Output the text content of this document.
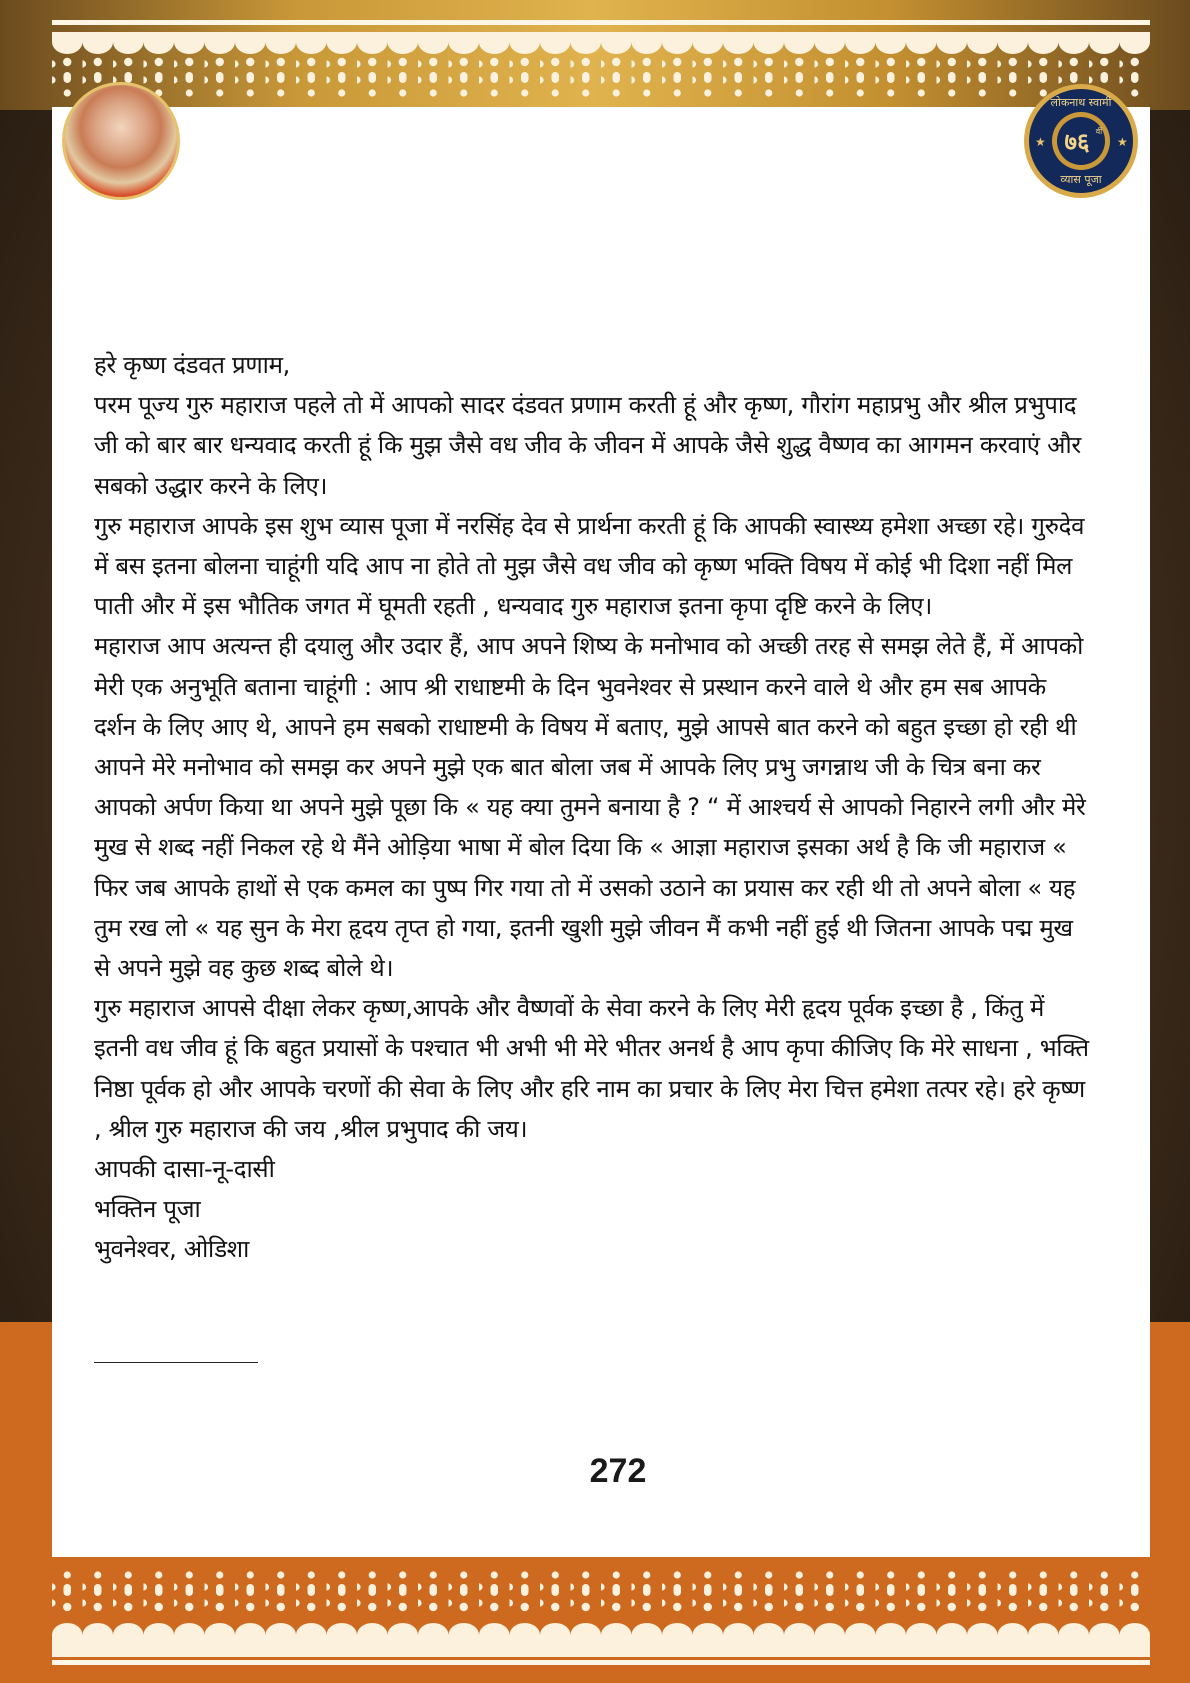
★	★
लोकनाथ स्वामी
७६ वीं
व्यास पूजा

हरे कृष्ण दंडवत प्रणाम,

परम पूज्य गुरु महाराज पहले तो में आपको सादर दंडवत प्रणाम करती हूं और कृष्ण, गौरांग महाप्रभु और श्रील प्रभुपाद जी को बार बार धन्यवाद करती हूं कि मुझ जैसे वध जीव के जीवन में आपके जैसे शुद्ध वैष्णव का आगमन करवाएं और सबको उद्धार करने के लिए।

गुरु महाराज आपके इस शुभ व्यास पूजा में नरसिंह देव से प्रार्थना करती हूं कि आपकी स्वास्थ्य हमेशा अच्छा रहे। गुरुदेव में बस इतना बोलना चाहूंगी यदि आप ना होते तो मुझ जैसे वध जीव को कृष्ण भक्ति विषय में कोई भी दिशा नहीं मिल पाती और में इस भौतिक जगत में घूमती रहती , धन्यवाद गुरु महाराज इतना कृपा दृष्टि करने के लिए।

महाराज आप अत्यन्त ही दयालु और उदार हैं, आप अपने शिष्य के मनोभाव को अच्छी तरह से समझ लेते हैं, में आपको मेरी एक अनुभूति बताना चाहूंगी : आप श्री राधाष्टमी के दिन भुवनेश्वर से प्रस्थान करने वाले थे और हम सब आपके दर्शन के लिए आए थे, आपने हम सबको राधाष्टमी के विषय में बताए, मुझे आपसे बात करने को बहुत इच्छा हो रही थी आपने मेरे मनोभाव को समझ कर अपने मुझे एक बात बोला जब में आपके लिए प्रभु जगन्नाथ जी के चित्र बना कर आपको अर्पण किया था अपने मुझे पूछा कि « यह क्या तुमने बनाया है ? “ में आश्चर्य से आपको निहारने लगी और मेरे मुख से शब्द नहीं निकल रहे थे मैंने ओड़िया भाषा में बोल दिया कि « आज्ञा महाराज इसका अर्थ है कि जी महाराज « फिर जब आपके हाथों से एक कमल का पुष्प गिर गया तो में उसको उठाने का प्रयास कर रही थी तो अपने बोला « यह तुम रख लो « यह सुन के मेरा हृदय तृप्त हो गया, इतनी खुशी मुझे जीवन मैं कभी नहीं हुई थी जितना आपके पद्म मुख से अपने मुझे वह कुछ शब्द बोले थे।

गुरु महाराज आपसे दीक्षा लेकर कृष्ण,आपके और वैष्णवों के सेवा करने के लिए मेरी हृदय पूर्वक इच्छा है , किंतु में इतनी वध जीव हूं कि बहुत प्रयासों के पश्चात भी अभी भी मेरे भीतर अनर्थ है आप कृपा कीजिए कि मेरे साधना , भक्ति निष्ठा पूर्वक हो और आपके चरणों की सेवा के लिए और हरि नाम का प्रचार के लिए मेरा चित्त हमेशा तत्पर रहे। हरे कृष्ण , श्रील गुरु महाराज की जय ,श्रील प्रभुपाद की जय।

आपकी दासा-नू-दासी

भक्तिन पूजा

भुवनेश्वर, ओडिशा

272
